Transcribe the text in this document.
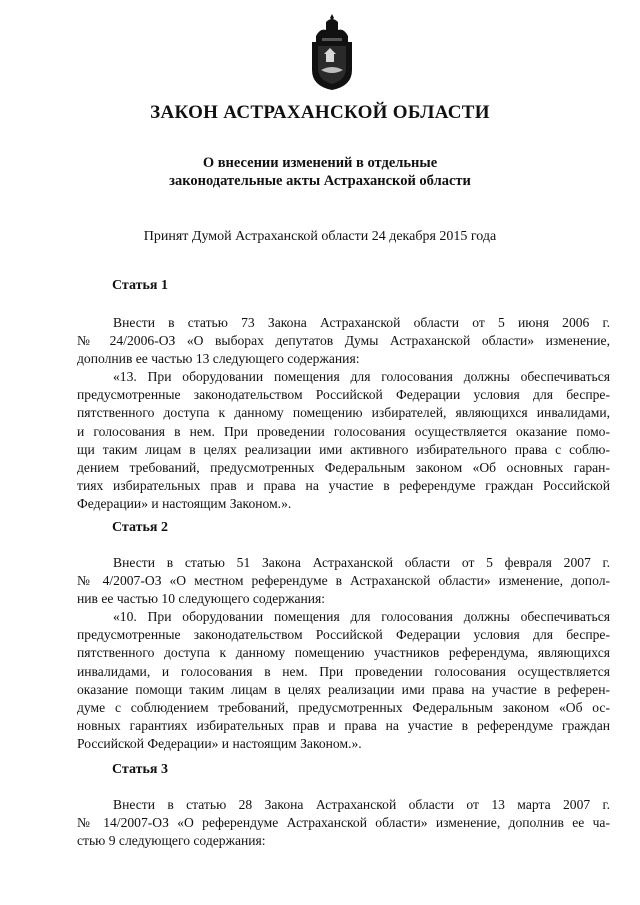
ЗАКОН АСТРАХАНСКОЙ ОБЛАСТИ
О внесении изменений в отдельные
законодательные акты Астраханской области
Принят Думой Астраханской области 24 декабря 2015 года
Статья 1
Внести в статью 73 Закона Астраханской области от 5 июня 2006 г.
№ 24/2006-ОЗ «О выборах депутатов Думы Астраханской области» изменение,
дополнив ее частью 13 следующего содержания:
«13. При оборудовании помещения для голосования должны обеспечиваться
предусмотренные законодательством Российской Федерации условия для беспре-
пятственного доступа к данному помещению избирателей, являющихся инвалидами,
и голосования в нем. При проведении голосования осуществляется оказание помо-
щи таким лицам в целях реализации ими активного избирательного права с соблю-
дением требований, предусмотренных Федеральным законом «Об основных гаран-
тиях избирательных прав и права на участие в референдуме граждан Российской
Федерации» и настоящим Законом.».
Статья 2
Внести в статью 51 Закона Астраханской области от 5 февраля 2007 г.
№ 4/2007-ОЗ «О местном референдуме в Астраханской области» изменение, допол-
нив ее частью 10 следующего содержания:
«10. При оборудовании помещения для голосования должны обеспечиваться
предусмотренные законодательством Российской Федерации условия для беспре-
пятственного доступа к данному помещению участников референдума, являющихся
инвалидами, и голосования в нем. При проведении голосования осуществляется
оказание помощи таким лицам в целях реализации ими права на участие в референ-
думе с соблюдением требований, предусмотренных Федеральным законом «Об ос-
новных гарантиях избирательных прав и права на участие в референдуме граждан
Российской Федерации» и настоящим Законом.».
Статья 3
Внести в статью 28 Закона Астраханской области от 13 марта 2007 г.
№ 14/2007-ОЗ «О референдуме Астраханской области» изменение, дополнив ее ча-
стью 9 следующего содержания:
